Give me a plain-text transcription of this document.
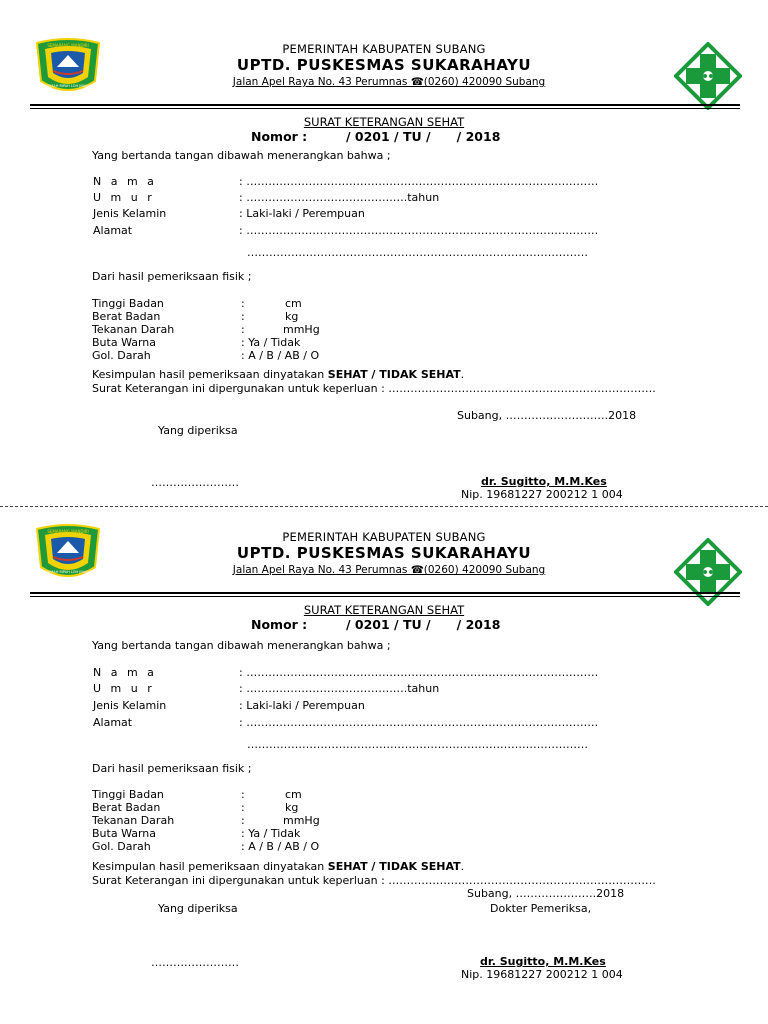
SEMARANG MANDIRI
GEMAH RIPAH LOH JINAWI
PEMERINTAH KABUPATEN SUBANG
UPTD. PUSKESMAS SUKARAHAYU
Jalan Apel Raya No. 43 Perumnas ☎(0260) 420090 Subang
SURAT KETERANGAN SEHAT
Nomor :	/ 0201 / TU /      / 2018
Yang bertanda tangan dibawah menerangkan bahwa ;
N a m a	: ……………………………………………………………………………………
U m u r	: ………………………………….….tahun
Jenis Kelamin	: Laki-laki / Perempuan
Alamat	: ……………………………………………………………………………………
…………………………………………………………………………………
Dari hasil pemeriksaan fisik ;
Tinggi Badan	:	cm
Berat Badan	:	kg
Tekanan Darah	:	mmHg
Buta Warna	: Ya / Tidak
Gol. Darah	: A / B / AB / O
Kesimpulan hasil pemeriksaan dinyatakan SEHAT / TIDAK SEHAT.
Surat Keterangan ini dipergunakan untuk keperluan : ……………………………………………………………….
Subang, ……………………….2018
Yang diperiksa
……………………	dr. Sugitto, M.M.Kes
Nip. 19681227 200212 1 004
SEMARANG MANDIRI
GEMAH RIPAH LOH JINAWI
PEMERINTAH KABUPATEN SUBANG
UPTD. PUSKESMAS SUKARAHAYU
Jalan Apel Raya No. 43 Perumnas ☎(0260) 420090 Subang
SURAT KETERANGAN SEHAT
Nomor :	/ 0201 / TU /      / 2018
Yang bertanda tangan dibawah menerangkan bahwa ;
N a m a	: ……………………………………………………………………………………
U m u r	: ………………………………….….tahun
Jenis Kelamin	: Laki-laki / Perempuan
Alamat	: ……………………………………………………………………………………
…………………………………………………………………………………
Dari hasil pemeriksaan fisik ;
Tinggi Badan	:	cm
Berat Badan	:	kg
Tekanan Darah	:	mmHg
Buta Warna	: Ya / Tidak
Gol. Darah	: A / B / AB / O
Kesimpulan hasil pemeriksaan dinyatakan SEHAT / TIDAK SEHAT.
Surat Keterangan ini dipergunakan untuk keperluan : ……………………………………………………………….
Subang, ………………….2018
Yang diperiksa	Dokter Pemeriksa,
……………………	dr. Sugitto, M.M.Kes
Nip. 19681227 200212 1 004
